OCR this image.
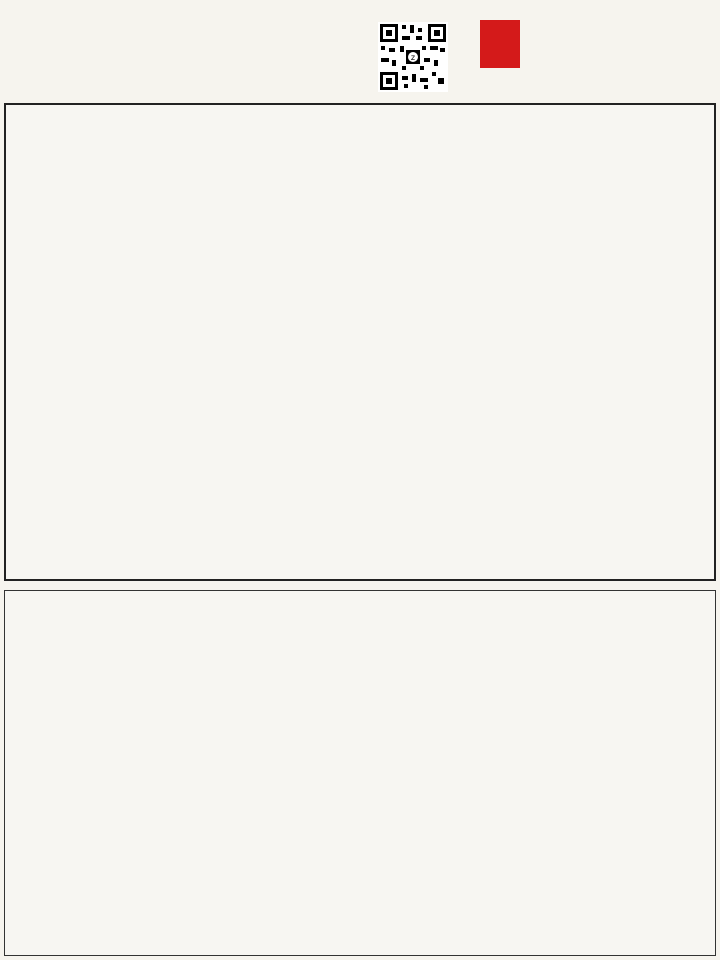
z
